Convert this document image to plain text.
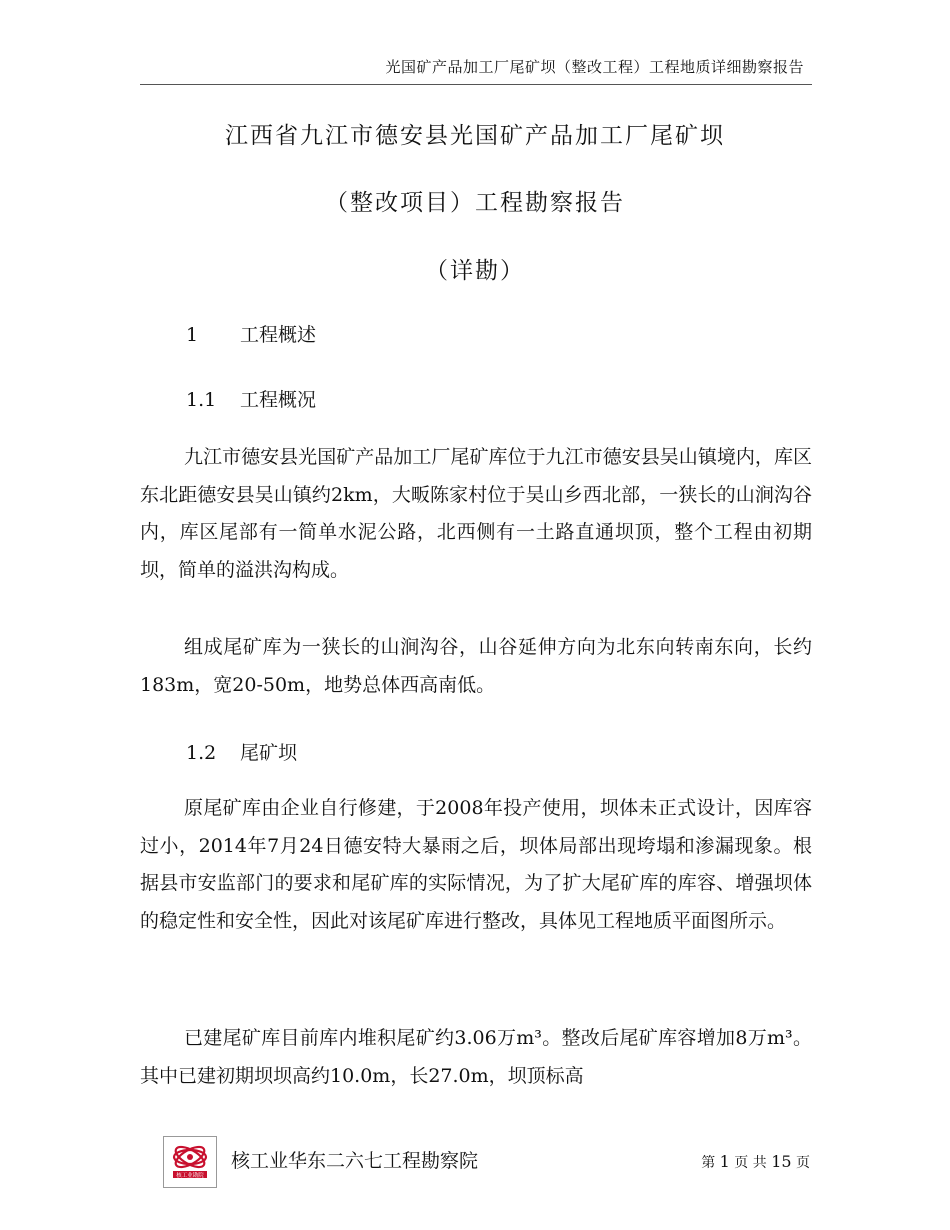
光国矿产品加工厂尾矿坝（整改工程）工程地质详细勘察报告
江西省九江市德安县光国矿产品加工厂尾矿坝
（整改项目）工程勘察报告
（详勘）
1 工程概述
1.1 工程概况
九江市德安县光国矿产品加工厂尾矿库位于九江市德安县吴山镇境内，库区东北距德安县吴山镇约2km，大畈陈家村位于吴山乡西北部，一狭长的山涧沟谷内，库区尾部有一简单水泥公路，北西侧有一土路直通坝顶，整个工程由初期坝，简单的溢洪沟构成。
组成尾矿库为一狭长的山涧沟谷，山谷延伸方向为北东向转南东向，长约183m，宽20-50m，地势总体西高南低。
1.2 尾矿坝
原尾矿库由企业自行修建，于2008年投产使用，坝体未正式设计，因库容过小，2014年7月24日德安特大暴雨之后，坝体局部出现垮塌和渗漏现象。根据县市安监部门的要求和尾矿库的实际情况，为了扩大尾矿库的库容、增强坝体的稳定性和安全性，因此对该尾矿库进行整改，具体见工程地质平面图所示。
已建尾矿库目前库内堆积尾矿约3.06万m³。整改后尾矿库容增加8万m³。其中已建初期坝坝高约10.0m，长27.0m，坝顶标高
核工业勘院
核工业华东二六七工程勘察院	第 1 页 共 15 页
